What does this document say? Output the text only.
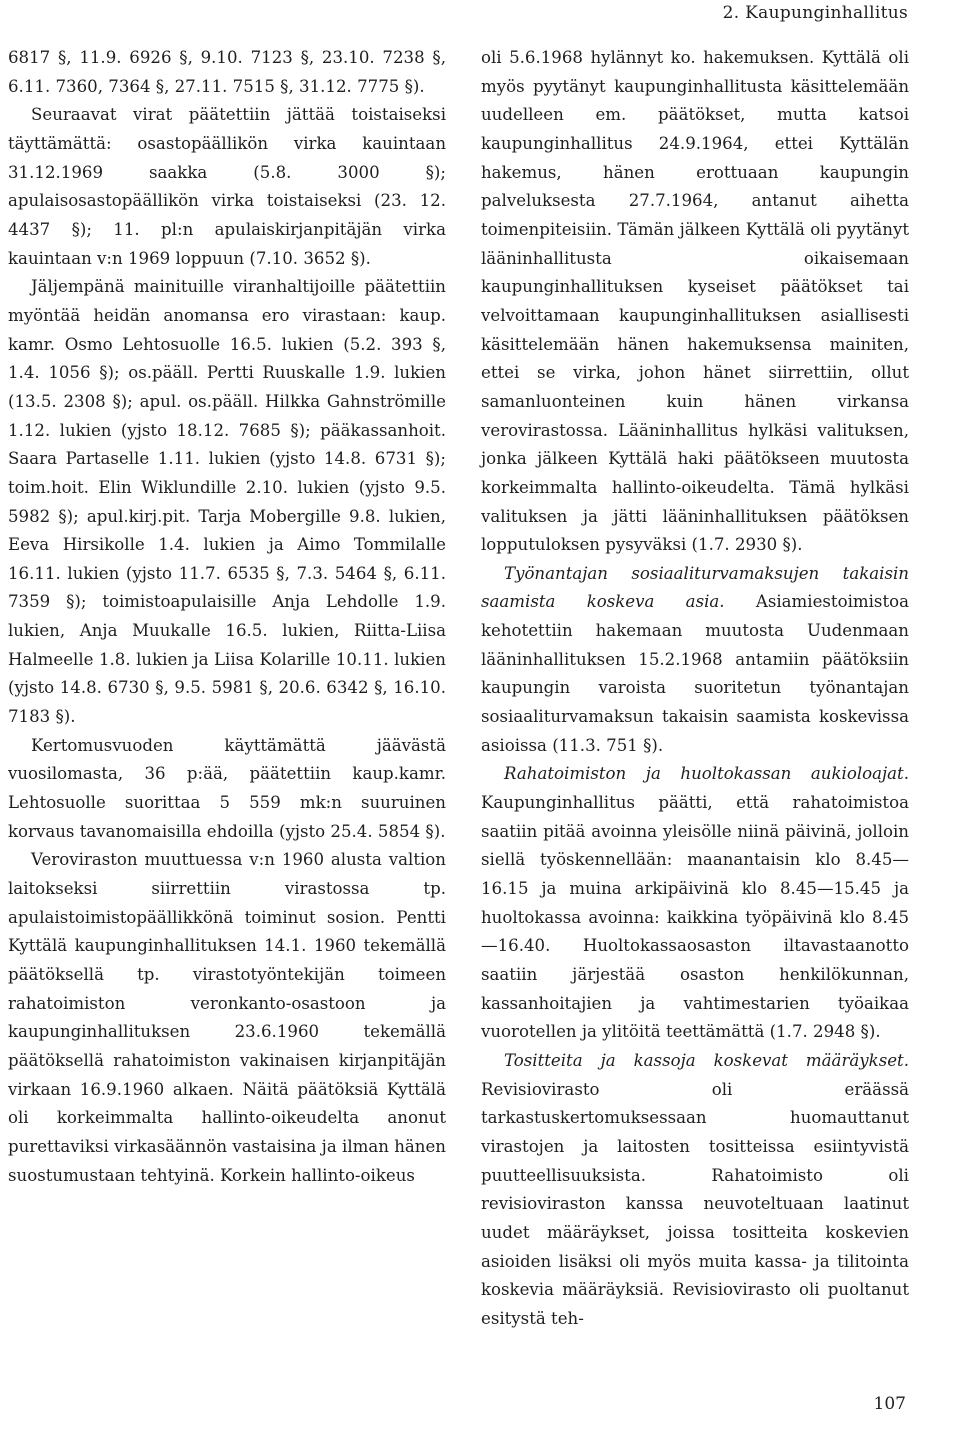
2. Kaupunginhallitus

6817 §, 11.9. 6926 §, 9.10. 7123 §, 23.10. 7238 §, 6.11. 7360, 7364 §, 27.11. 7515 §, 31.12. 7775 §).

Seuraavat virat päätettiin jättää toistaiseksi täyttämättä: osastopäällikön virka kauintaan 31.12.1969 saakka (5.8. 3000 §); apulaisosastopäällikön virka toistaiseksi (23. 12. 4437 §); 11. pl:n apulaiskirjanpitäjän virka kauintaan v:n 1969 loppuun (7.10. 3652 §).

Jäljempänä mainituille viranhaltijoille päätettiin myöntää heidän anomansa ero virastaan: kaup. kamr. Osmo Lehtosuolle 16.5. lukien (5.2. 393 §, 1.4. 1056 §); os.pääll. Pertti Ruuskalle 1.9. lukien (13.5. 2308 §); apul. os.pääll. Hilkka Gahnströmille 1.12. lukien (yjsto 18.12. 7685 §); pääkassanhoit. Saara Partaselle 1.11. lukien (yjsto 14.8. 6731 §); toim.hoit. Elin Wiklundille 2.10. lukien (yjsto 9.5. 5982 §); apul.kirj.pit. Tarja Mobergille 9.8. lukien, Eeva Hirsikolle 1.4. lukien ja Aimo Tommilalle 16.11. lukien (yjsto 11.7. 6535 §, 7.3. 5464 §, 6.11. 7359 §); toimistoapulaisille Anja Lehdolle 1.9. lukien, Anja Muukalle 16.5. lukien, Riitta-Liisa Halmeelle 1.8. lukien ja Liisa Kolarille 10.11. lukien (yjsto 14.8. 6730 §, 9.5. 5981 §, 20.6. 6342 §, 16.10. 7183 §).

Kertomusvuoden käyttämättä jäävästä vuosilomasta, 36 p:ää, päätettiin kaup.kamr. Lehtosuolle suorittaa 5 559 mk:n suuruinen korvaus tavanomaisilla ehdoilla (yjsto 25.4. 5854 §).

Veroviraston muuttuessa v:n 1960 alusta valtion laitokseksi siirrettiin virastossa tp. apulaistoimistopäällikkönä toiminut sosion. Pentti Kyttälä kaupunginhallituksen 14.1. 1960 tekemällä päätöksellä tp. virastotyöntekijän toimeen rahatoimiston veronkanto-osastoon ja kaupunginhallituksen 23.6.1960 tekemällä päätöksellä rahatoimiston vakinaisen kirjanpitäjän virkaan 16.9.1960 alkaen. Näitä päätöksiä Kyttälä oli korkeimmalta hallinto-oikeudelta anonut purettaviksi virkasäännön vastaisina ja ilman hänen suostumustaan tehtyinä. Korkein hallinto-oikeus

oli 5.6.1968 hylännyt ko. hakemuksen. Kyttälä oli myös pyytänyt kaupunginhallitusta käsittelemään uudelleen em. päätökset, mutta katsoi kaupunginhallitus 24.9.1964, ettei Kyttälän hakemus, hänen erottuaan kaupungin palveluksesta 27.7.1964, antanut aihetta toimenpiteisiin. Tämän jälkeen Kyttälä oli pyytänyt lääninhallitusta oikaisemaan kaupunginhallituksen kyseiset päätökset tai velvoittamaan kaupunginhallituksen asiallisesti käsittelemään hänen hakemuksensa mainiten, ettei se virka, johon hänet siirrettiin, ollut samanluonteinen kuin hänen virkansa verovirastossa. Lääninhallitus hylkäsi valituksen, jonka jälkeen Kyttälä haki päätökseen muutosta korkeimmalta hallinto-oikeudelta. Tämä hylkäsi valituksen ja jätti lääninhallituksen päätöksen lopputuloksen pysyväksi (1.7. 2930 §).

Työnantajan sosiaaliturvamaksujen takaisin saamista koskeva asia. Asiamiestoimistoa kehotettiin hakemaan muutosta Uudenmaan lääninhallituksen 15.2.1968 antamiin päätöksiin kaupungin varoista suoritetun työnantajan sosiaaliturvamaksun takaisin saamista koskevissa asioissa (11.3. 751 §).

Rahatoimiston ja huoltokassan aukioloajat. Kaupunginhallitus päätti, että rahatoimistoa saatiin pitää avoinna yleisölle niinä päivinä, jolloin siellä työskennellään: maanantaisin klo 8.45—16.15 ja muina arkipäivinä klo 8.45—15.45 ja huoltokassa avoinna: kaikkina työpäivinä klo 8.45—16.40. Huoltokassaosaston iltavastaanotto saatiin järjestää osaston henkilökunnan, kassanhoitajien ja vahtimestarien työaikaa vuorotellen ja ylitöitä teettämättä (1.7. 2948 §).

Tositteita ja kassoja koskevat määräykset. Revisiovirasto oli eräässä tarkastuskertomuksessaan huomauttanut virastojen ja laitosten tositteissa esiintyvistä puutteellisuuksista. Rahatoimisto oli revisioviraston kanssa neuvoteltuaan laatinut uudet määräykset, joissa tositteita koskevien asioiden lisäksi oli myös muita kassa- ja tilitointa koskevia määräyksiä. Revisiovirasto oli puoltanut esitystä teh-

107
